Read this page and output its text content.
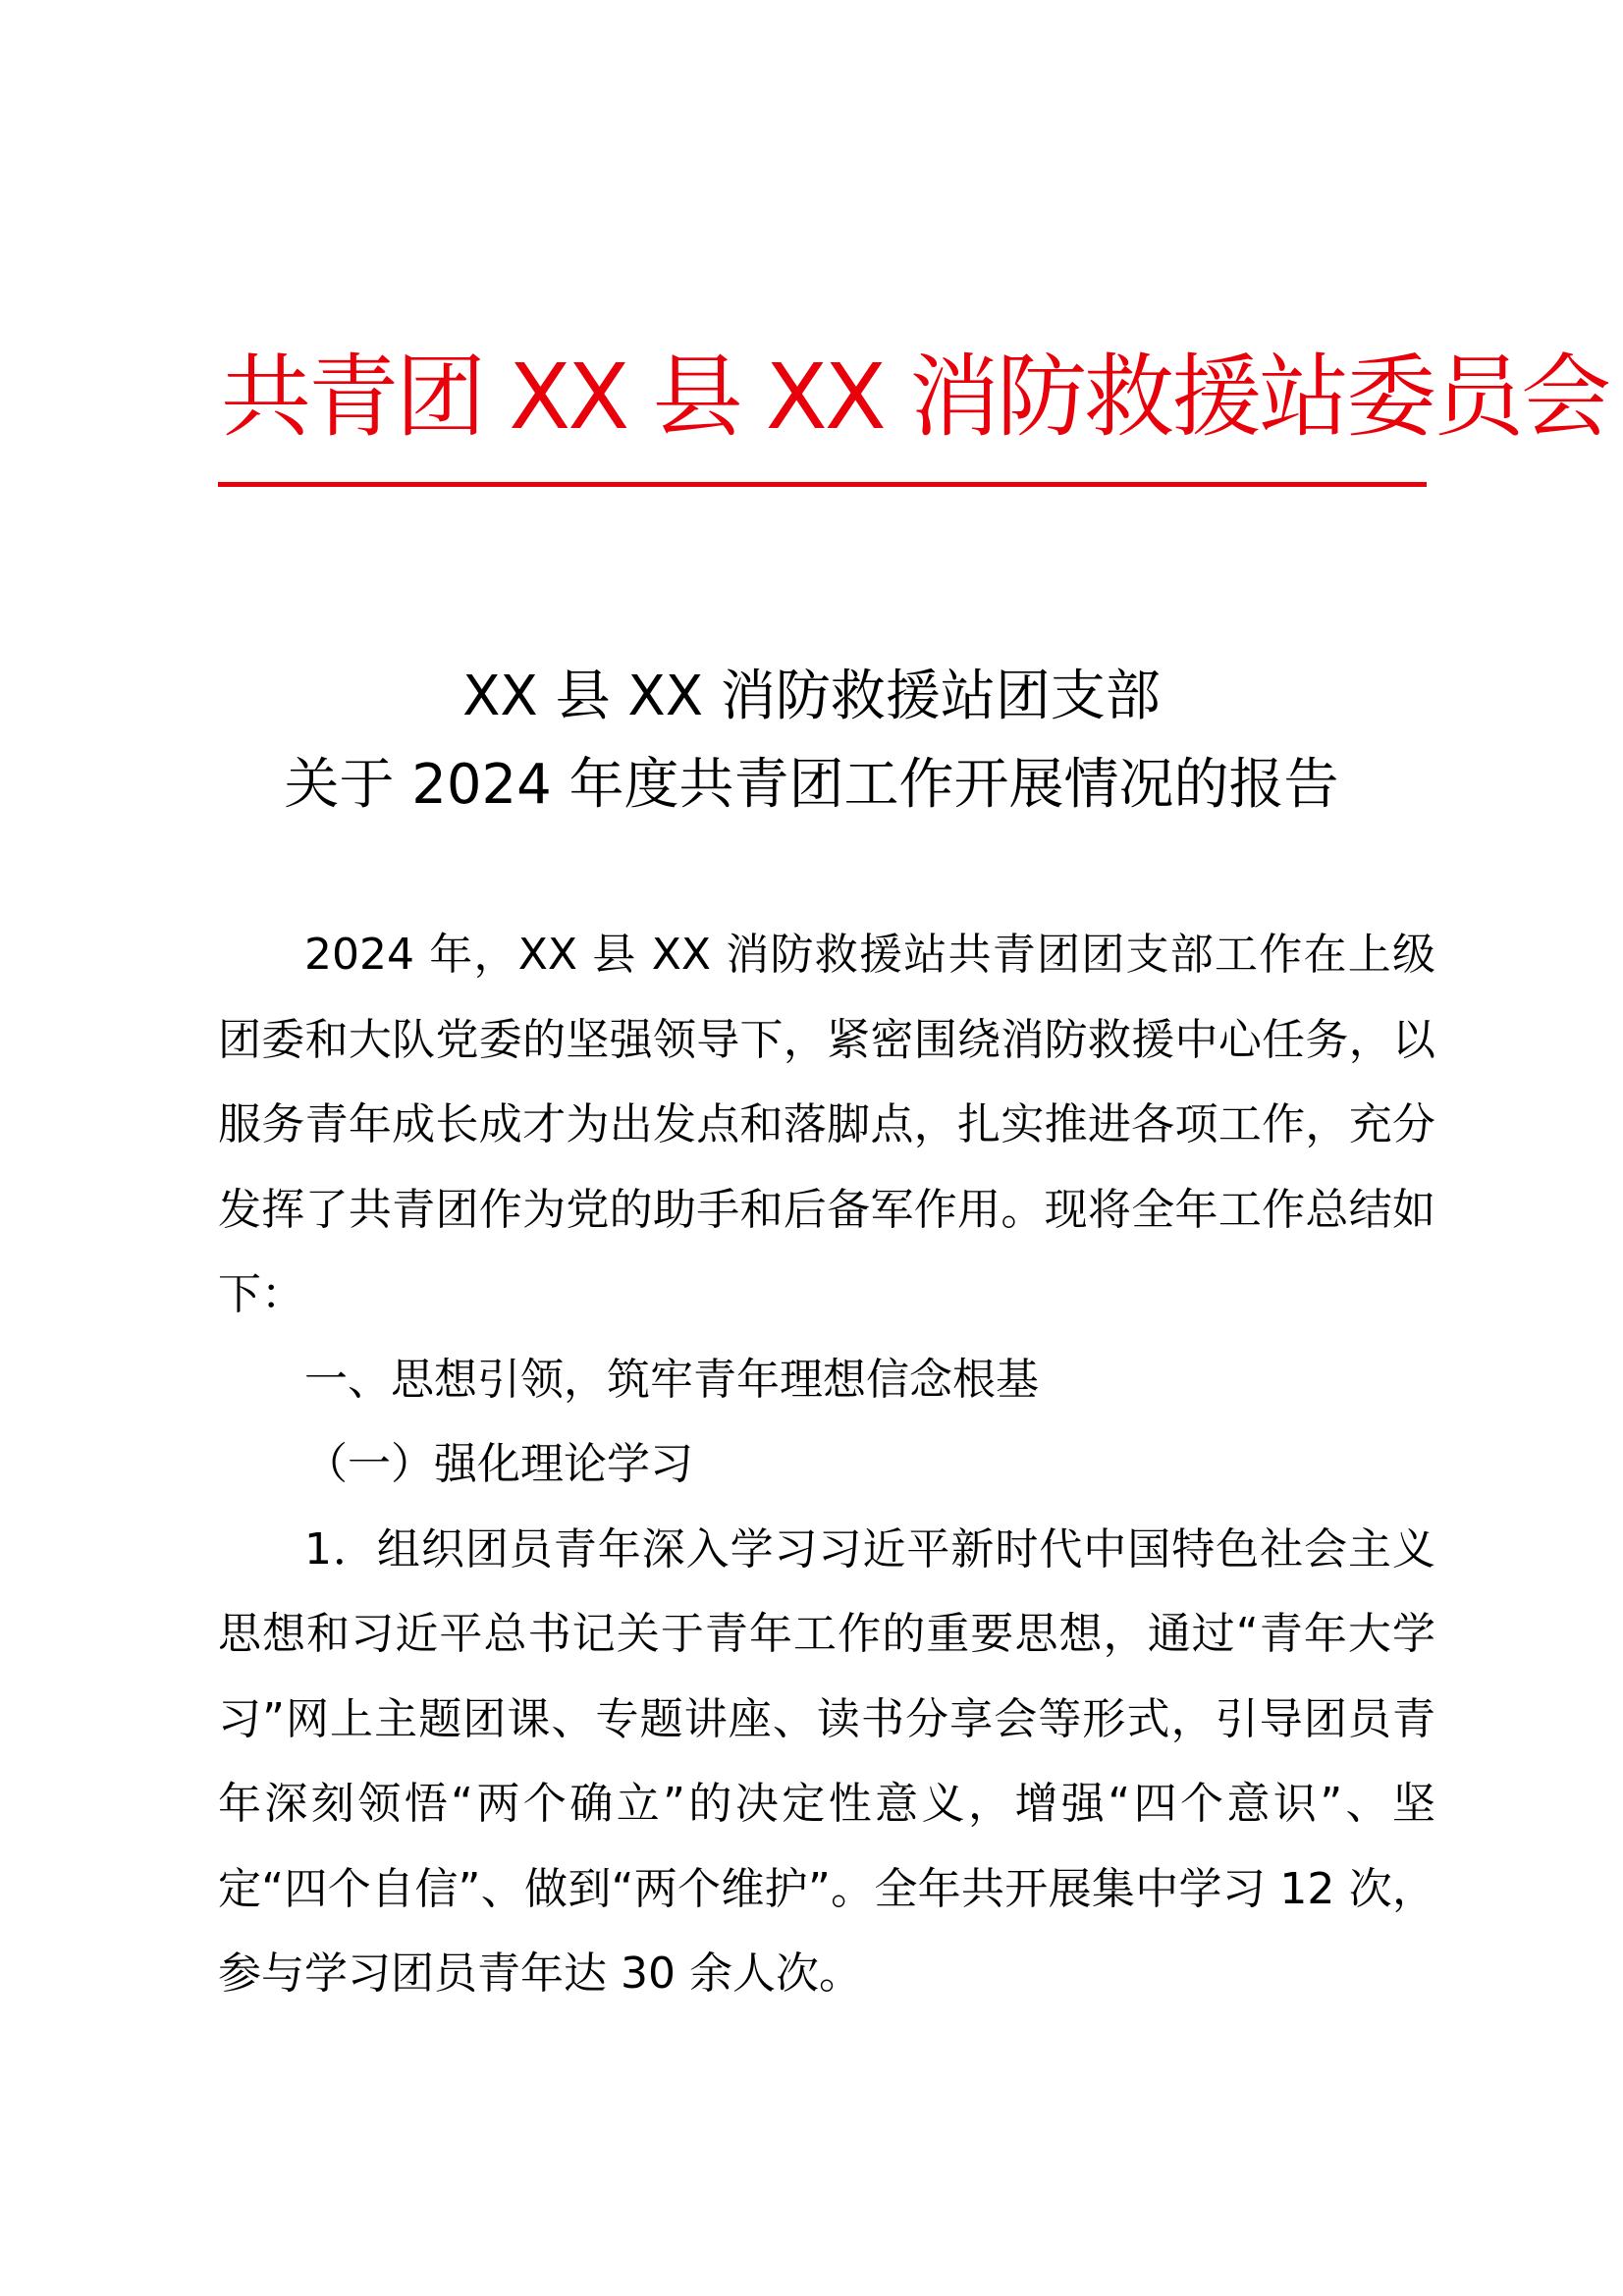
共青团 XX 县 XX 消防救援站委员会
XX 县 XX 消防救援站团支部
关于 2024 年度共青团工作开展情况的报告

2024 年，XX 县 XX 消防救援站共青团团支部工作在上级团委和大队党委的坚强领导下，紧密围绕消防救援中心任务，以服务青年成长成才为出发点和落脚点，扎实推进各项工作，充分发挥了共青团作为党的助手和后备军作用。现将全年工作总结如下：

一、思想引领，筑牢青年理想信念根基

（一）强化理论学习

1．组织团员青年深入学习习近平新时代中国特色社会主义思想和习近平总书记关于青年工作的重要思想，通过“青年大学习”网上主题团课、专题讲座、读书分享会等形式，引导团员青年深刻领悟“两个确立”的决定性意义，增强“四个意识”、坚定“四个自信”、做到“两个维护”。全年共开展集中学习 12 次，参与学习团员青年达 30 余人次。
